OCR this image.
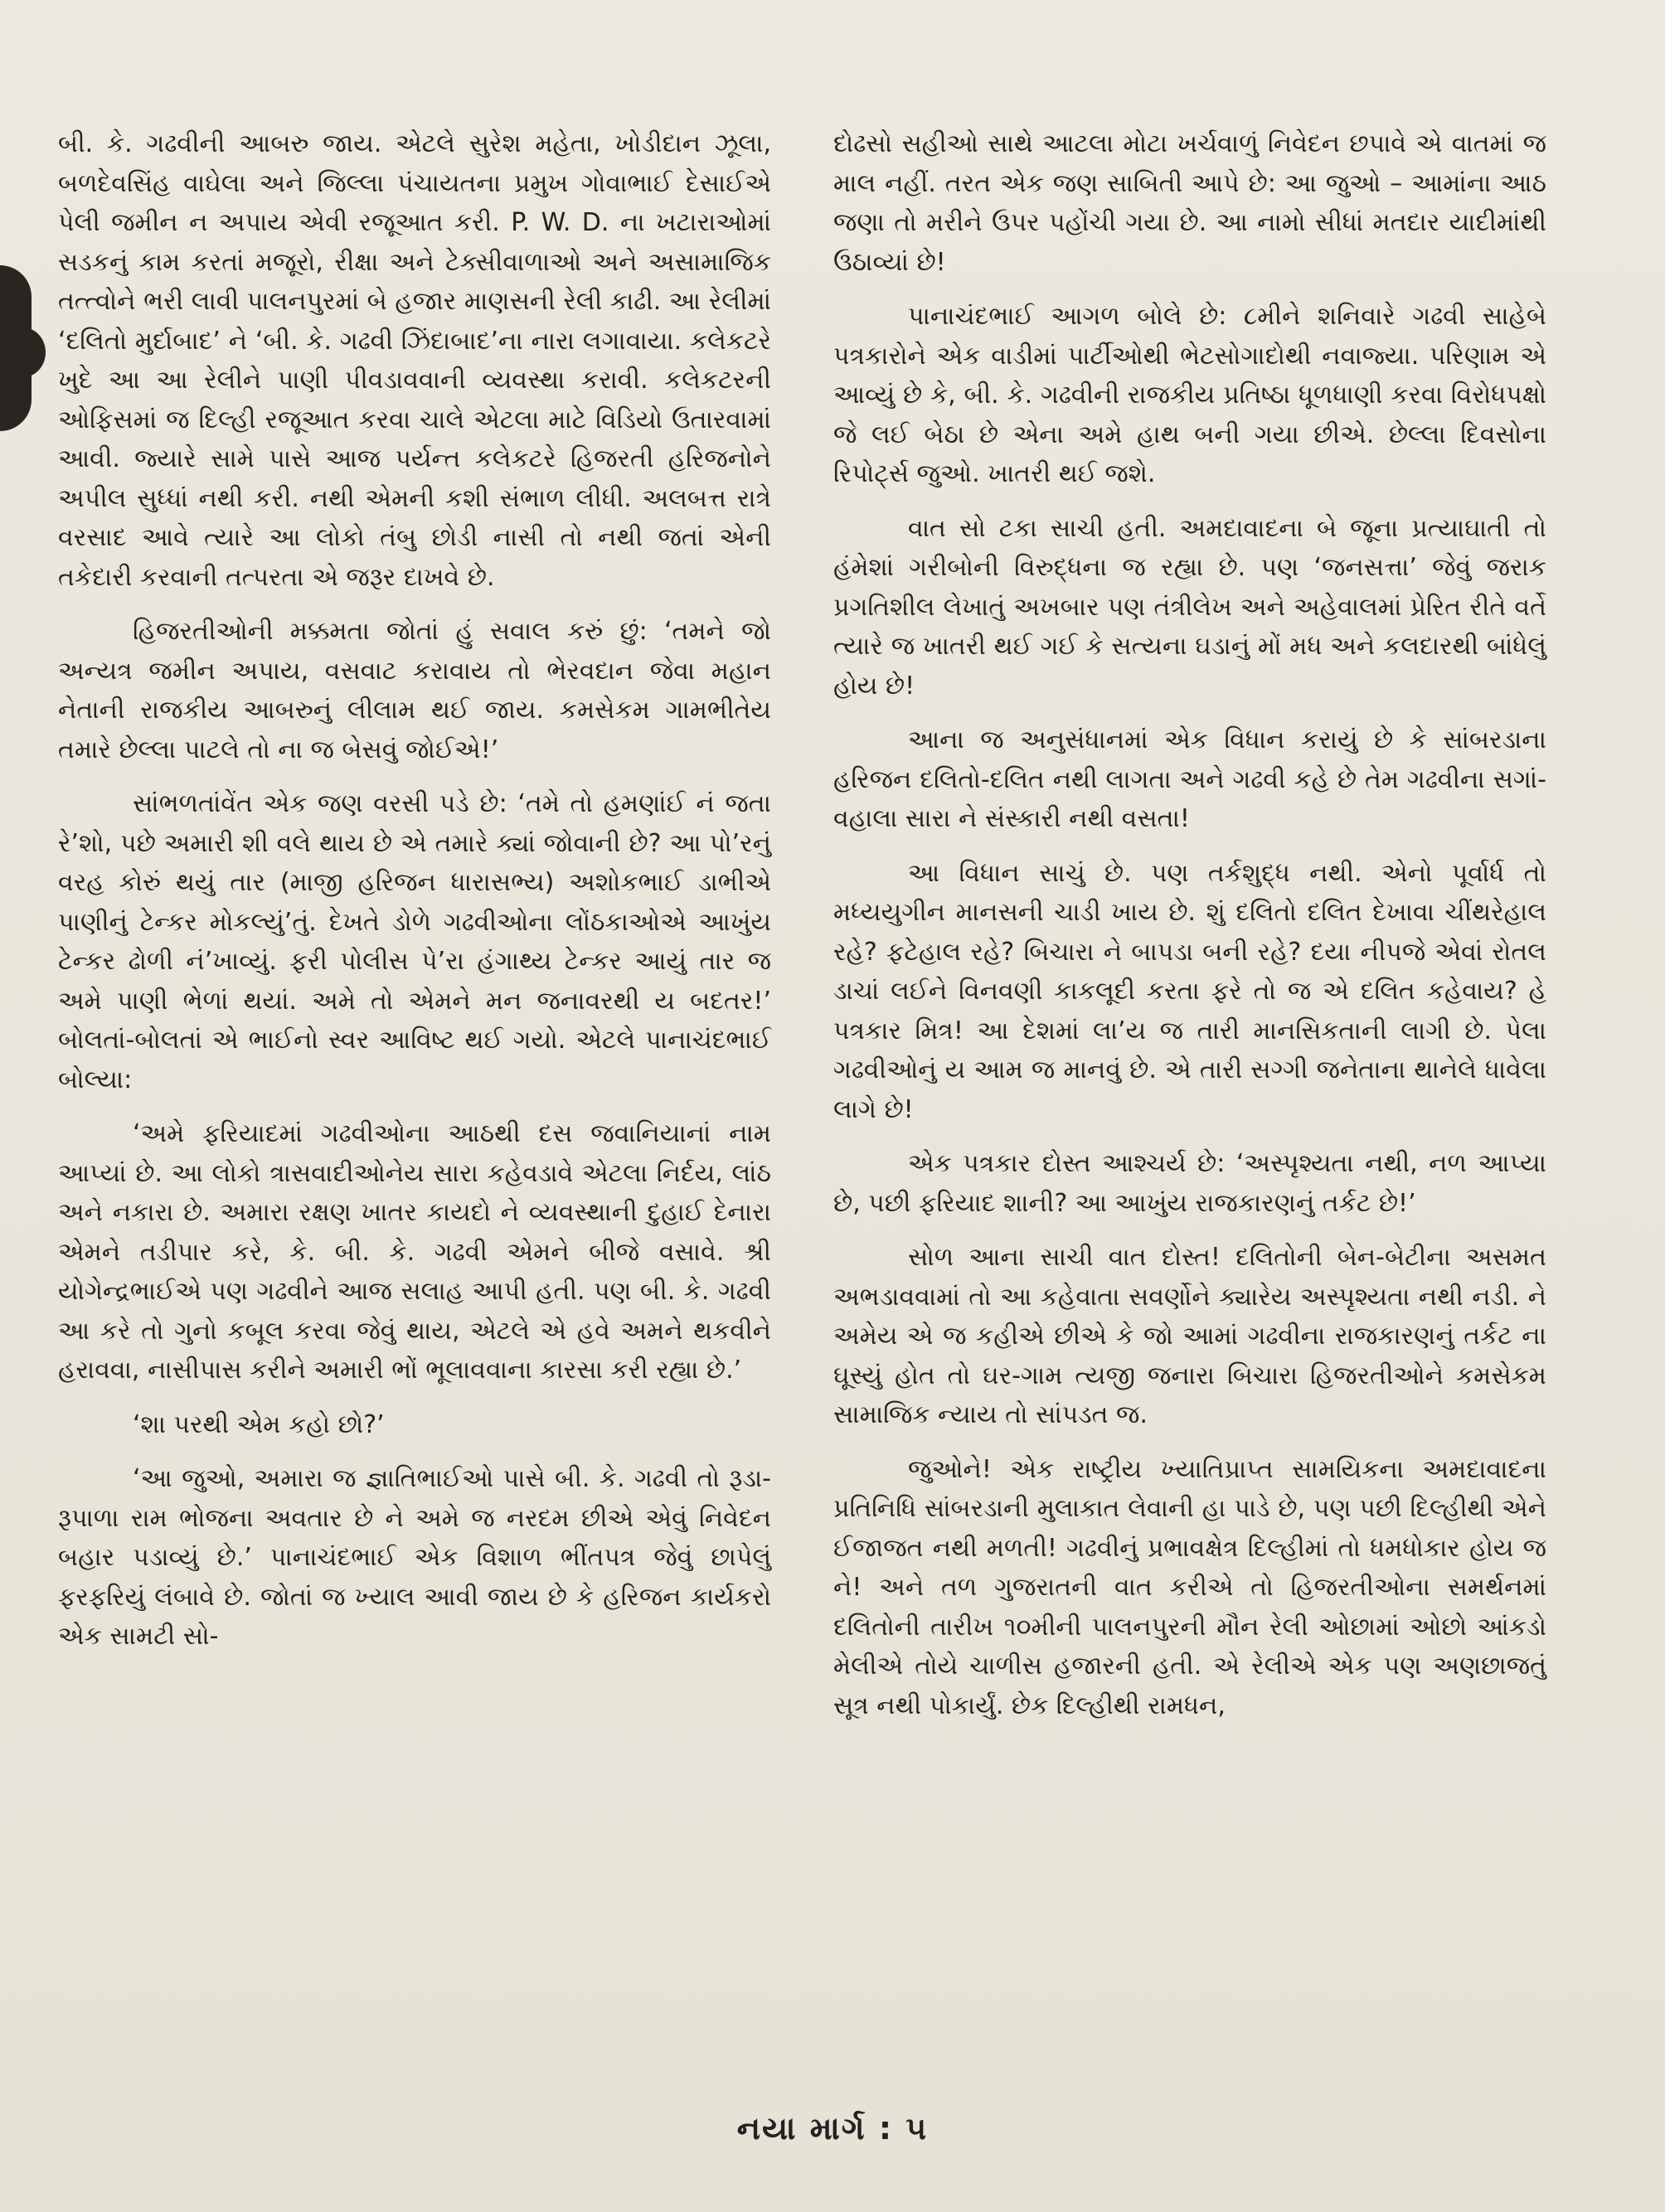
બી. કે. ગઢવીની આબરુ જાય. એટલે સુરેશ મહેતા, ખોડીદાન ઝૂલા, બળદેવસિંહ વાઘેલા અને જિલ્લા પંચાયતના પ્રમુખ ગોવાભાઈ દેસાઈએ પેલી જમીન ન અપાય એવી રજૂઆત કરી. P. W. D. ના ખટારાઓમાં સડકનું કામ કરતાં મજૂરો, રીક્ષા અને ટેક્સીવાળાઓ અને અસામાજિક તત્ત્વોને ભરી લાવી પાલનપુરમાં બે હજાર માણસની રેલી કાઢી. આ રેલીમાં ‘દલિતો મુર્દાબાદ’ ને ‘બી. કે. ગઢવી ઝિંદાબાદ’ના નારા લગાવાયા. કલેકટરે ખુદે આ આ રેલીને પાણી પીવડાવવાની વ્યવસ્થા કરાવી. કલેકટરની ઓફિસમાં જ દિલ્હી રજૂઆત કરવા ચાલે એટલા માટે વિડિયો ઉતારવામાં આવી. જ્યારે સામે પાસે આજ પર્યન્ત કલેકટરે હિજરતી હરિજનોને અપીલ સુધ્ધાં નથી કરી. નથી એમની કશી સંભાળ લીધી. અલબત્ત રાત્રે વરસાદ આવે ત્યારે આ લોકો તંબુ છોડી નાસી તો નથી જતાં એની તકેદારી કરવાની તત્પરતા એ જરૂર દાખવે છે.

હિજરતીઓની મક્કમતા જોતાં હું સવાલ કરું છું: ‘તમને જો અન્યત્ર જમીન અપાય, વસવાટ કરાવાય તો ભેરવદાન જેવા મહાન નેતાની રાજકીય આબરુનું લીલામ થઈ જાય. કમસેકમ ગામભીતેય તમારે છેલ્લા પાટલે તો ના જ બેસવું જોઈએ!’

સાંભળતાંવેંત એક જણ વરસી પડે છે: ‘તમે તો હમણાંઈ નં જતા રે’શો, પછે અમારી શી વલે થાય છે એ તમારે ક્યાં જોવાની છે? આ પો’રનું વરહ કોરું થયું તાર (માજી હરિજન ધારાસભ્ય) અશોકભાઈ ડાભીએ પાણીનું ટેન્કર મોકલ્યું’તું. દેખતે ડોળે ગઢવીઓના લોંઠકાઓએ આખુંય ટેન્કર ઢોળી નં’ખાવ્યું. ફરી પોલીસ પે’રા હંગાથ્ય ટેન્કર આયું તાર જ અમે પાણી ભેળાં થયાં. અમે તો એમને મન જનાવરથી ય બદતર!’ બોલતાં-બોલતાં એ ભાઈનો સ્વર આવિષ્ટ થઈ ગયો. એટલે પાનાચંદભાઈ બોલ્યા:

‘અમે ફરિયાદમાં ગઢવીઓના આઠથી દસ જવાનિયાનાં નામ આપ્યાં છે. આ લોકો ત્રાસવાદીઓનેય સારા કહેવડાવે એટલા નિર્દય, લાંઠ અને નકારા છે. અમારા રક્ષણ ખાતર કાયદો ને વ્યવસ્થાની દુહાઈ દેનારા એમને તડીપાર કરે, કે. બી. કે. ગઢવી એમને બીજે વસાવે. શ્રી યોગેન્દ્રભાઈએ પણ ગઢવીને આજ સલાહ આપી હતી. પણ બી. કે. ગઢવી આ કરે તો ગુનો કબૂલ કરવા જેવું થાય, એટલે એ હવે અમને થકવીને હરાવવા, નાસીપાસ કરીને અમારી ભોં ભૂલાવવાના કારસા કરી રહ્યા છે.’

‘શા પરથી એમ કહો છો?’

‘આ જુઓ, અમારા જ જ્ઞાતિભાઈઓ પાસે બી. કે. ગઢવી તો રૂડા-રૂપાળા રામ ભોજના અવતાર છે ને અમે જ નરદમ છીએ એવું નિવેદન બહાર પડાવ્યું છે.’ પાનાચંદભાઈ એક વિશાળ ભીંતપત્ર જેવું છાપેલું ફરફરિયું લંબાવે છે. જોતાં જ ખ્યાલ આવી જાય છે કે હરિજન કાર્યકરો એક સામટી સો-

દોઢસો સહીઓ સાથે આટલા મોટા ખર્ચવાળું નિવેદન છપાવે એ વાતમાં જ માલ નહીં. તરત એક જણ સાબિતી આપે છે: આ જુઓ – આમાંના આઠ જણા તો મરીને ઉપર પહોંચી ગયા છે. આ નામો સીધાં મતદાર યાદીમાંથી ઉઠાવ્યાં છે!

પાનાચંદભાઈ આગળ બોલે છે: ૮મીને શનિવારે ગઢવી સાહેબે પત્રકારોને એક વાડીમાં પાર્ટીઓથી ભેટસોગાદોથી નવાજ્યા. પરિણામ એ આવ્યું છે કે, બી. કે. ગઢવીની રાજકીય પ્રતિષ્ઠા ધૂળધાણી કરવા વિરોધપક્ષો જે લઈ બેઠા છે એના અમે હાથ બની ગયા છીએ. છેલ્લા દિવસોના રિપોર્ટ્સ જુઓ. ખાતરી થઈ જશે.

વાત સો ટકા સાચી હતી. અમદાવાદના બે જૂના પ્રત્યાઘાતી તો હંમેશાં ગરીબોની વિરુદ્ધના જ રહ્યા છે. પણ ‘જનસત્તા’ જેવું જરાક પ્રગતિશીલ લેખાતું અખબાર પણ તંત્રીલેખ અને અહેવાલમાં પ્રેરિત રીતે વર્તે ત્યારે જ ખાતરી થઈ ગઈ કે સત્યના ઘડાનું મોં મધ અને કલદારથી બાંધેલું હોય છે!

આના જ અનુસંધાનમાં એક વિધાન કરાયું છે કે સાંબરડાના હરિજન દલિતો-દલિત નથી લાગતા અને ગઢવી કહે છે તેમ ગઢવીના સગાં-વહાલા સારા ને સંસ્કારી નથી વસતા!

આ વિધાન સાચું છે. પણ તર્કશુદ્ધ નથી. એનો પૂર્વાર્ધ તો મધ્યયુગીન માનસની ચાડી ખાય છે. શું દલિતો દલિત દેખાવા ચીંથરેહાલ રહે? ફટેહાલ રહે? બિચારા ને બાપડા બની રહે? દયા નીપજે એવાં રોતલ ડાચાં લઈને વિનવણી કાકલૂદી કરતા ફરે તો જ એ દલિત કહેવાય? હે પત્રકાર મિત્ર! આ દેશમાં લા’ય જ તારી માનસિકતાની લાગી છે. પેલા ગઢવીઓનું ય આમ જ માનવું છે. એ તારી સગ્ગી જનેતાના થાનેલે ધાવેલા લાગે છે!

એક પત્રકાર દોસ્ત આશ્ચર્ય છે: ‘અસ્પૃશ્યતા નથી, નળ આપ્યા છે, પછી ફરિયાદ શાની? આ આખુંય રાજકારણનું તર્કટ છે!’

સોળ આના સાચી વાત દોસ્ત! દલિતોની બેન-બેટીના અસમત અભડાવવામાં તો આ કહેવાતા સવર્ણોને ક્યારેય અસ્પૃશ્યતા નથી નડી. ને અમેય એ જ કહીએ છીએ કે જો આમાં ગઢવીના રાજકારણનું તર્કટ ના ઘૂસ્યું હોત તો ઘર-ગામ ત્યજી જનારા બિચારા હિજરતીઓને કમસેકમ સામાજિક ન્યાય તો સાંપડત જ.

જુઓને! એક રાષ્ટ્રીય ખ્યાતિપ્રાપ્ત સામયિકના અમદાવાદના પ્રતિનિધિ સાંબરડાની મુલાકાત લેવાની હા પાડે છે, પણ પછી દિલ્હીથી એને ઈજાજત નથી મળતી! ગઢવીનું પ્રભાવક્ષેત્ર દિલ્હીમાં તો ધમધોકાર હોય જ ને! અને તળ ગુજરાતની વાત કરીએ તો હિજરતીઓના સમર્થનમાં દલિતોની તારીખ ૧૦મીની પાલનપુરની મૌન રેલી ઓછામાં ઓછો આંકડો મેલીએ તોયે ચાળીસ હજારની હતી. એ રેલીએ એક પણ અણછાજતું સૂત્ર નથી પોકાર્યું. છેક દિલ્હીથી રામધન,

નયા માર્ગ : ૫
